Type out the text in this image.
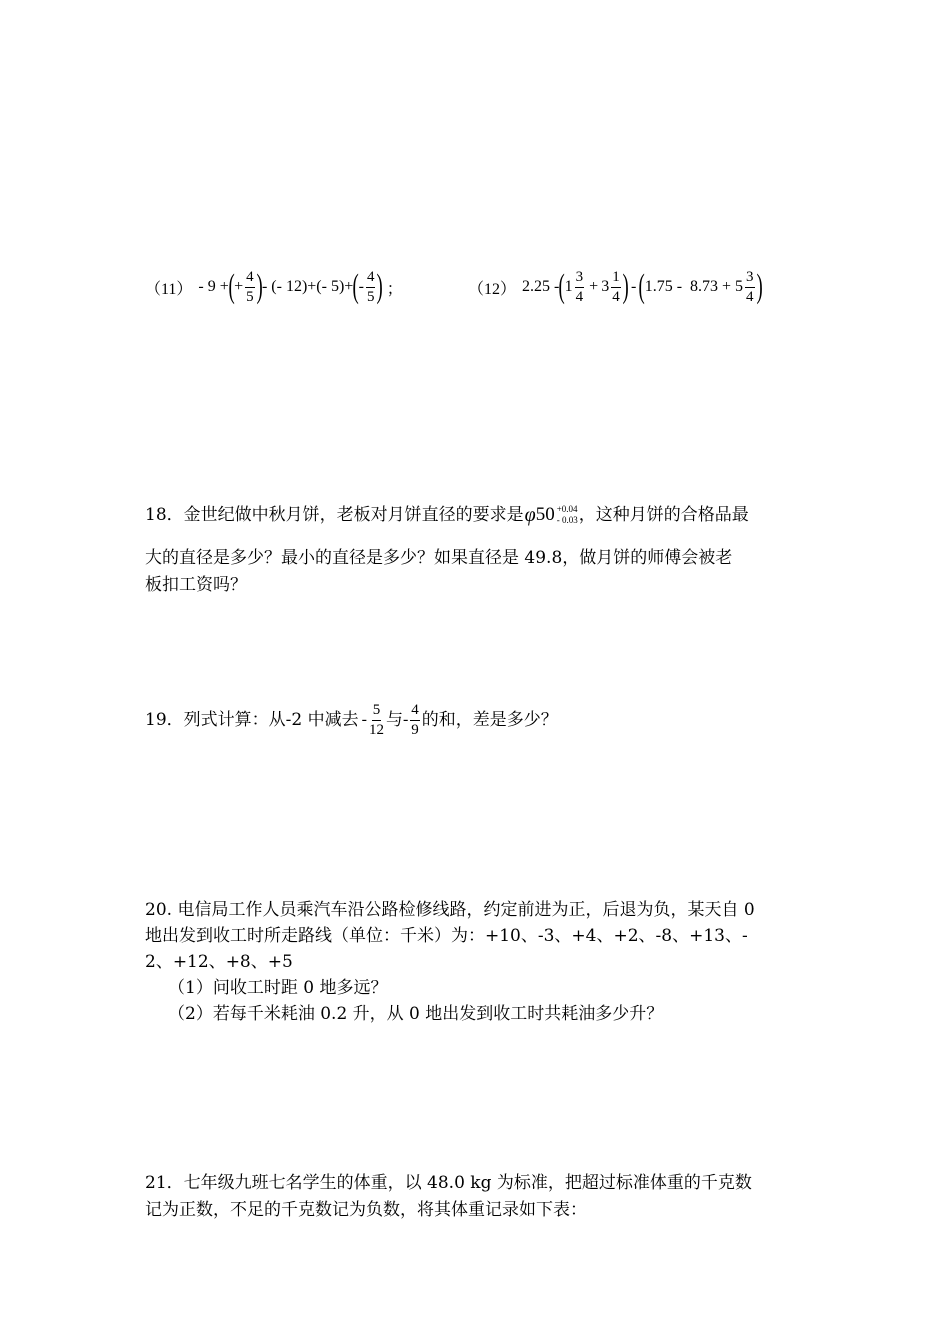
（11） - 9 + ( + $\frac{4}{5}$ ) - (- 12)+(- 5)+ ( - $\frac{4}{5}$ ) ；	（12） 2.25 - ( $1 \frac{3}{4} + 3 \frac{1}{4}$ ) - ( $1.75 - 8.73 + 5 \frac{3}{4}$ )
18．金世纪做中秋月饼，老板对月饼直径的要求是 φ 50 +0.04
- 0.03 ，这种月饼的合格品最
大的直径是多少？最小的直径是多少？如果直径是 49.8，做月饼的师傅会被老
板扣工资吗？
19．列式计算：从-2 中减去 - $\frac{5}{12}$ 与 - $\frac{4}{9}$ 的和，差是多少？
20. 电信局工作人员乘汽车沿公路检修线路，约定前进为正，后退为负，某天自 0
地出发到收工时所走路线（单位：千米）为：+10、-3、+4、+2、-8、+13、-
2、+12、+8、+5
（1）问收工时距 0 地多远？
（2）若每千米耗油 0.2 升，从 0 地出发到收工时共耗油多少升？
21．七年级九班七名学生的体重，以 48.0 kg 为标准，把超过标准体重的千克数
记为正数，不足的千克数记为负数，将其体重记录如下表：
